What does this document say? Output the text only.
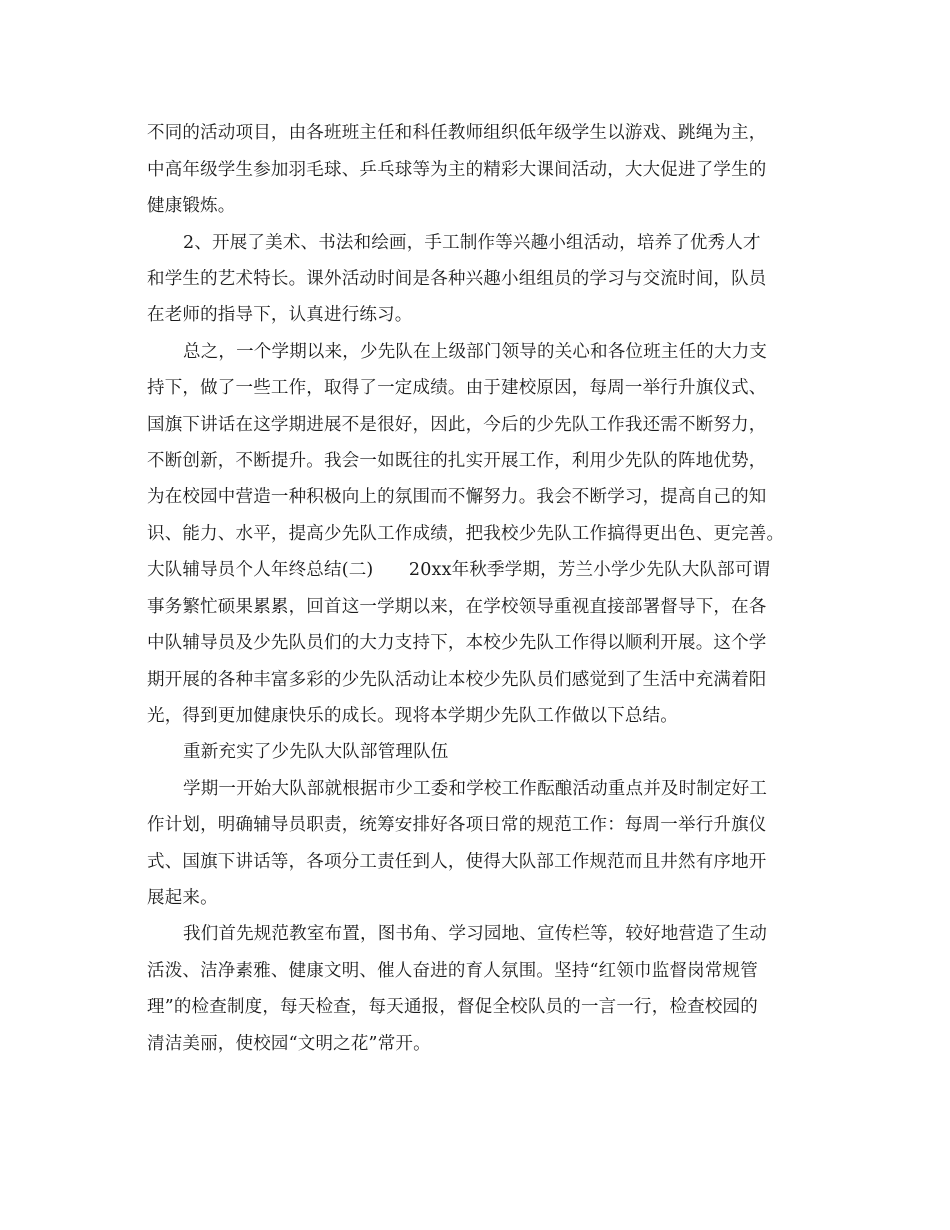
不同的活动项目，由各班班主任和科任教师组织低年级学生以游戏、跳绳为主，
中高年级学生参加羽毛球、乒乓球等为主的精彩大课间活动，大大促进了学生的
健康锻炼。
2、开展了美术、书法和绘画，手工制作等兴趣小组活动，培养了优秀人才
和学生的艺术特长。课外活动时间是各种兴趣小组组员的学习与交流时间，队员
在老师的指导下，认真进行练习。
总之，一个学期以来，少先队在上级部门领导的关心和各位班主任的大力支
持下，做了一些工作，取得了一定成绩。由于建校原因，每周一举行升旗仪式、
国旗下讲话在这学期进展不是很好，因此，今后的少先队工作我还需不断努力，
不断创新，不断提升。我会一如既往的扎实开展工作，利用少先队的阵地优势，
为在校园中营造一种积极向上的氛围而不懈努力。我会不断学习，提高自己的知
识、能力、水平，提高少先队工作成绩，把我校少先队工作搞得更出色、更完善。
大队辅导员个人年终总结(二)　　20xx年秋季学期，芳兰小学少先队大队部可谓
事务繁忙硕果累累，回首这一学期以来，在学校领导重视直接部署督导下，在各
中队辅导员及少先队员们的大力支持下，本校少先队工作得以顺利开展。这个学
期开展的各种丰富多彩的少先队活动让本校少先队员们感觉到了生活中充满着阳
光，得到更加健康快乐的成长。现将本学期少先队工作做以下总结。
重新充实了少先队大队部管理队伍
学期一开始大队部就根据市少工委和学校工作酝酿活动重点并及时制定好工
作计划，明确辅导员职责，统筹安排好各项日常的规范工作：每周一举行升旗仪
式、国旗下讲话等，各项分工责任到人，使得大队部工作规范而且井然有序地开
展起来。
我们首先规范教室布置，图书角、学习园地、宣传栏等，较好地营造了生动
活泼、洁净素雅、健康文明、催人奋进的育人氛围。坚持“红领巾监督岗常规管
理”的检查制度，每天检查，每天通报，督促全校队员的一言一行，检查校园的
清洁美丽，使校园“文明之花”常开。
